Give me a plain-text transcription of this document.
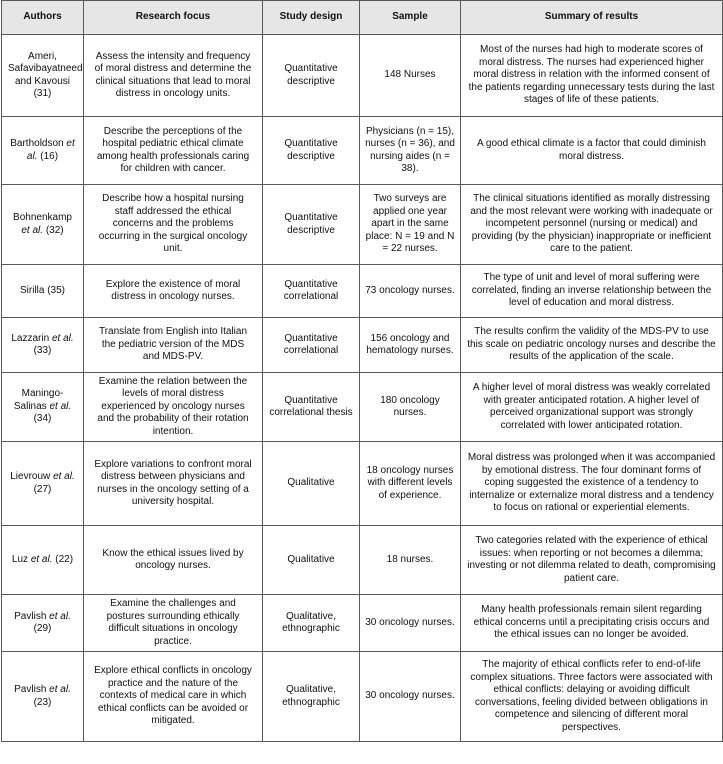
Authors	Research focus	Study design	Sample	Summary of results
Ameri, Safavibayatneed and Kavousi (31)	Assess the intensity and frequency of moral distress and determine the clinical situations that lead to moral distress in oncology units.	Quantitative descriptive	148 Nurses	Most of the nurses had high to moderate scores of moral distress. The nurses had experienced higher moral distress in relation with the informed consent of the patients regarding unnecessary tests during the last stages of life of these patients.
Bartholdson et al. (16)	Describe the perceptions of the hospital pediatric ethical climate among health professionals caring for children with cancer.	Quantitative descriptive	Physicians (n = 15), nurses (n = 36), and nursing aides (n = 38).	A good ethical climate is a factor that could diminish moral distress.
Bohnenkamp et al. (32)	Describe how a hospital nursing staff addressed the ethical concerns and the problems occurring in the surgical oncology unit.	Quantitative descriptive	Two surveys are applied one year apart in the same place: N = 19 and N = 22 nurses.	The clinical situations identified as morally distressing and the most relevant were working with inadequate or incompetent personnel (nursing or medical) and providing (by the physician) inappropriate or inefficient care to the patient.
Sirilla (35)	Explore the existence of moral distress in oncology nurses.	Quantitative correlational	73 oncology nurses.	The type of unit and level of moral suffering were correlated, finding an inverse relationship between the level of education and moral distress.
Lazzarin et al. (33)	Translate from English into Italian the pediatric version of the MDS and MDS-PV.	Quantitative correlational	156 oncology and hematology nurses.	The results confirm the validity of the MDS-PV to use this scale on pediatric oncology nurses and describe the results of the application of the scale.
Maningo-Salinas et al. (34)	Examine the relation between the levels of moral distress experienced by oncology nurses and the probability of their rotation intention.	Quantitative correlational thesis	180 oncology nurses.	A higher level of moral distress was weakly correlated with greater anticipated rotation. A higher level of perceived organizational support was strongly correlated with lower anticipated rotation.
Lievrouw et al. (27)	Explore variations to confront moral distress between physicians and nurses in the oncology setting of a university hospital.	Qualitative	18 oncology nurses with different levels of experience.	Moral distress was prolonged when it was accompanied by emotional distress. The four dominant forms of coping suggested the existence of a tendency to internalize or externalize moral distress and a tendency to focus on rational or experiential elements.
Luz et al. (22)	Know the ethical issues lived by oncology nurses.	Qualitative	18 nurses.	Two categories related with the experience of ethical issues: when reporting or not becomes a dilemma; investing or not dilemma related to death, compromising patient care.
Pavlish et al. (29)	Examine the challenges and postures surrounding ethically difficult situations in oncology practice.	Qualitative, ethnographic	30 oncology nurses.	Many health professionals remain silent regarding ethical concerns until a precipitating crisis occurs and the ethical issues can no longer be avoided.
Pavlish et al. (23)	Explore ethical conflicts in oncology practice and the nature of the contexts of medical care in which ethical conflicts can be avoided or mitigated.	Qualitative, ethnographic	30 oncology nurses.	The majority of ethical conflicts refer to end-of-life complex situations. Three factors were associated with ethical conflicts: delaying or avoiding difficult conversations, feeling divided between obligations in competence and silencing of different moral perspectives.
